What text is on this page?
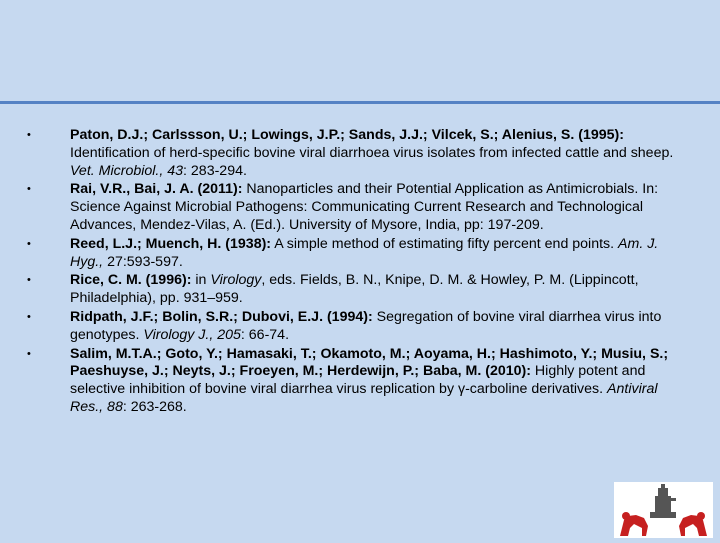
•	Paton, D.J.; Carlssson, U.; Lowings, J.P.; Sands, J.J.; Vilcek, S.; Alenius, S. (1995): Identification of herd-specific bovine viral diarrhoea virus isolates from infected cattle and sheep. Vet. Microbiol., 43: 283-294.
•	Rai, V.R., Bai, J. A. (2011): Nanoparticles and their Potential Application as Antimicrobials. In: Science Against Microbial Pathogens: Communicating Current Research and Technological Advances, Mendez-Vilas, A. (Ed.). University of Mysore, India, pp: 197-209.
•	Reed, L.J.; Muench, H. (1938): A simple method of estimating fifty percent end points. Am. J. Hyg., 27:593-597.
•	Rice, C. M. (1996): in Virology, eds. Fields, B. N., Knipe, D. M. & Howley, P. M. (Lippincott, Philadelphia), pp. 931–959.
•	Ridpath, J.F.; Bolin, S.R.; Dubovi, E.J. (1994): Segregation of bovine viral diarrhea virus into genotypes. Virology J., 205: 66-74.
•	Salim, M.T.A.; Goto, Y.; Hamasaki, T.; Okamoto, M.; Aoyama, H.; Hashimoto, Y.; Musiu, S.; Paeshuyse, J.; Neyts, J.; Froeyen, M.; Herdewijn, P.; Baba, M. (2010): Highly potent and selective inhibition of bovine viral diarrhea virus replication by γ-carboline derivatives. Antiviral Res., 88: 263-268.
